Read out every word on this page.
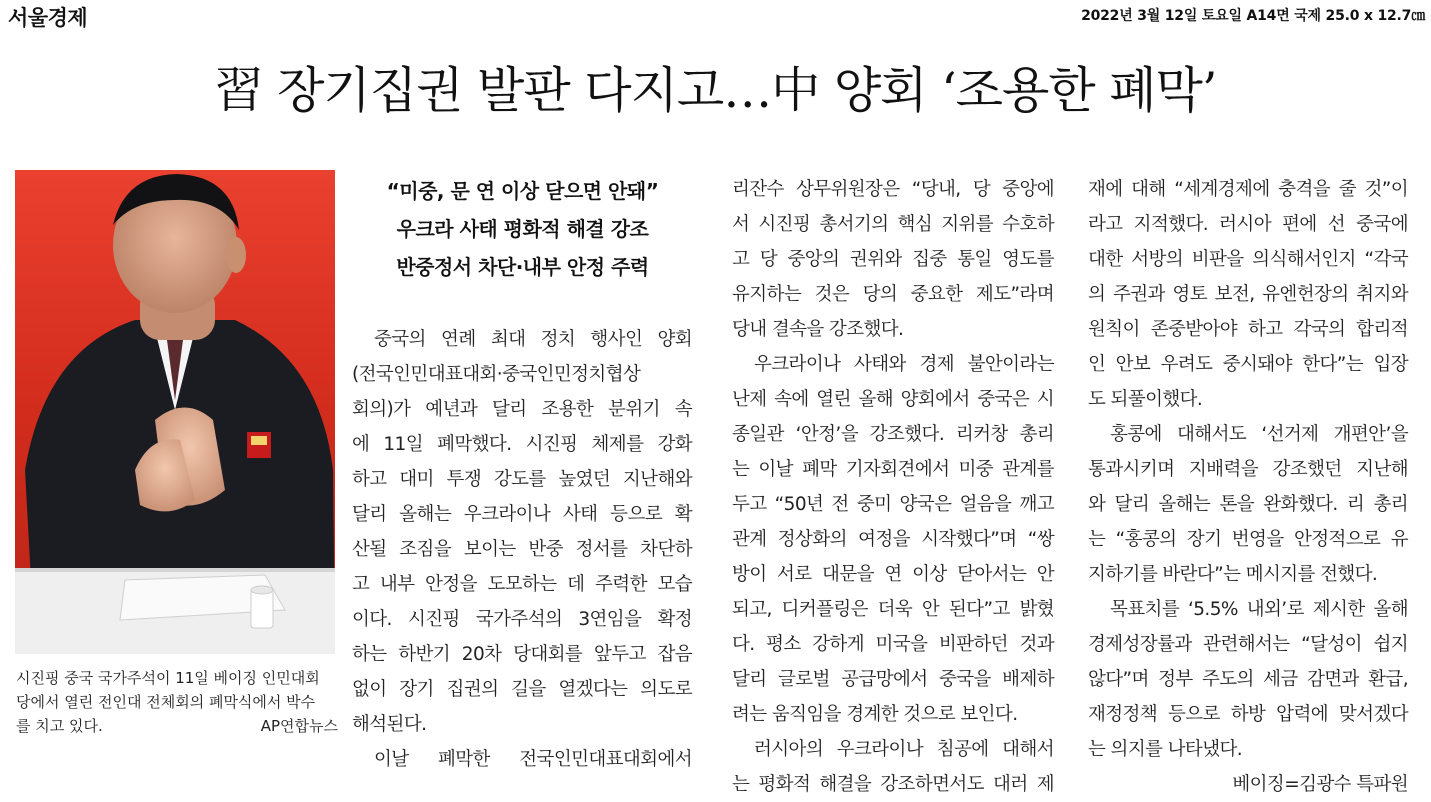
서울경제	2022년 3월 12일 토요일 A14면 국제 25.0 x 12.7㎝
習 장기집권 발판 다지고…中 양회 ‘조용한 폐막’
시진핑 중국 국가주석이 11일 베이징 인민대회
당에서 열린 전인대 전체회의 폐막식에서 박수
를 치고 있다.	AP연합뉴스
“미중, 문 연 이상 닫으면 안돼”
우크라 사태 평화적 해결 강조
반중정서 차단·내부 안정 주력
중국의 연례 최대 정치 행사인 양회
(전국인민대표대회·중국인민정치협상
회의)가 예년과 달리 조용한 분위기 속
에 11일 폐막했다. 시진핑 체제를 강화
하고 대미 투쟁 강도를 높였던 지난해와
달리 올해는 우크라이나 사태 등으로 확
산될 조짐을 보이는 반중 정서를 차단하
고 내부 안정을 도모하는 데 주력한 모습
이다. 시진핑 국가주석의 3연임을 확정
하는 하반기 20차 당대회를 앞두고 잡음
없이 장기 집권의 길을 열겠다는 의도로
해석된다.
이날 폐막한 전국인민대표대회에서
리잔수 상무위원장은 “당내, 당 중앙에
서 시진핑 총서기의 핵심 지위를 수호하
고 당 중앙의 권위와 집중 통일 영도를
유지하는 것은 당의 중요한 제도”라며
당내 결속을 강조했다.
우크라이나 사태와 경제 불안이라는
난제 속에 열린 올해 양회에서 중국은 시
종일관 ‘안정’을 강조했다. 리커창 총리
는 이날 폐막 기자회견에서 미중 관계를
두고 “50년 전 중미 양국은 얼음을 깨고
관계 정상화의 여정을 시작했다”며 “쌍
방이 서로 대문을 연 이상 닫아서는 안
되고, 디커플링은 더욱 안 된다”고 밝혔
다. 평소 강하게 미국을 비판하던 것과
달리 글로벌 공급망에서 중국을 배제하
려는 움직임을 경계한 것으로 보인다.
러시아의 우크라이나 침공에 대해서
는 평화적 해결을 강조하면서도 대러 제
재에 대해 “세계경제에 충격을 줄 것”이
라고 지적했다. 러시아 편에 선 중국에
대한 서방의 비판을 의식해서인지 “각국
의 주권과 영토 보전, 유엔헌장의 취지와
원칙이 존중받아야 하고 각국의 합리적
인 안보 우려도 중시돼야 한다”는 입장
도 되풀이했다.
홍콩에 대해서도 ‘선거제 개편안’을
통과시키며 지배력을 강조했던 지난해
와 달리 올해는 톤을 완화했다. 리 총리
는 “홍콩의 장기 번영을 안정적으로 유
지하기를 바란다”는 메시지를 전했다.
목표치를 ‘5.5% 내외’로 제시한 올해
경제성장률과 관련해서는 “달성이 쉽지
않다”며 정부 주도의 세금 감면과 환급,
재정정책 등으로 하방 압력에 맞서겠다
는 의지를 나타냈다.
베이징=김광수 특파원
